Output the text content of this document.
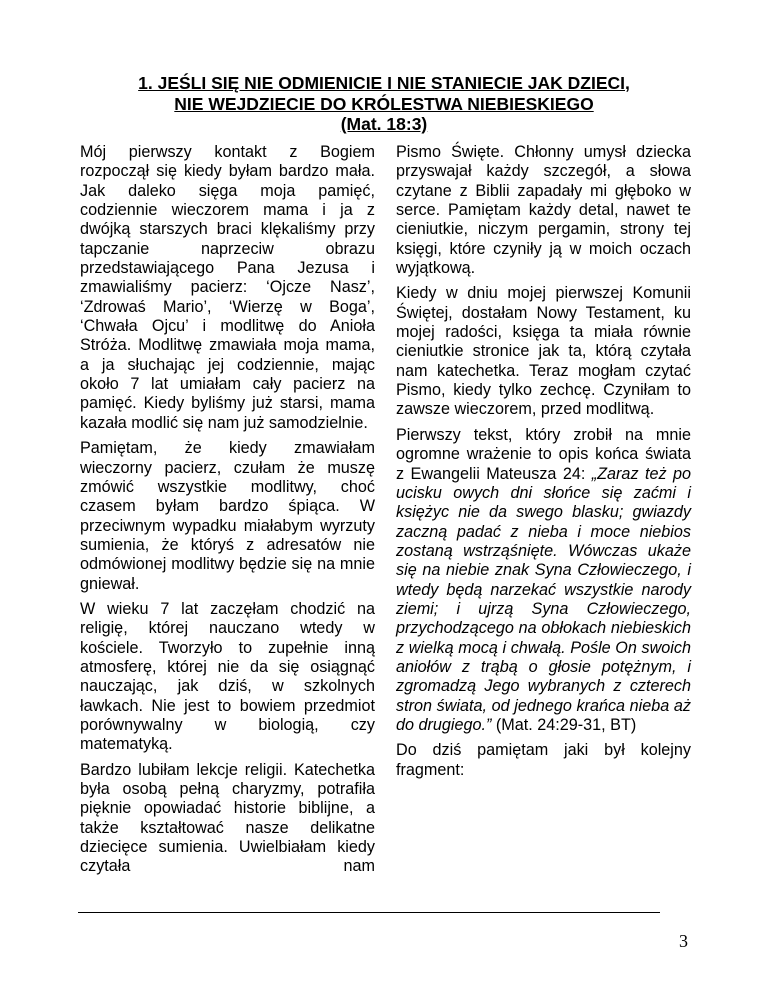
1. JEŚLI SIĘ NIE ODMIENICIE I NIE STANIECIE JAK DZIECI,
NIE WEJDZIECIE DO KRÓLESTWA NIEBIESKIEGO
(Mat. 18:3)

Mój pierwszy kontakt z Bogiem rozpoczął się kiedy byłam bardzo mała. Jak daleko sięga moja pamięć, codziennie wieczorem mama i ja z dwójką starszych braci klękaliśmy przy tapczanie naprzeciw obrazu przedstawiającego Pana Jezusa i zmawialiśmy pacierz: ‘Ojcze Nasz’, ‘Zdrowaś Mario’, ‘Wierzę w Boga’, ‘Chwała Ojcu’ i modlitwę do Anioła Stróża. Modlitwę zmawiała moja mama, a ja słuchając jej codziennie, mając około 7 lat umiałam cały pacierz na pamięć. Kiedy byliśmy już starsi, mama kazała modlić się nam już samodzielnie.

Pamiętam, że kiedy zmawiałam wieczorny pacierz, czułam że muszę zmówić wszystkie modlitwy, choć czasem byłam bardzo śpiąca. W przeciwnym wypadku miałabym wyrzuty sumienia, że któryś z adresatów nie odmówionej modlitwy będzie się na mnie gniewał.

W wieku 7 lat zaczęłam chodzić na religię, której nauczano wtedy w kościele. Tworzyło to zupełnie inną atmosferę, której nie da się osiągnąć nauczając, jak dziś, w szkolnych ławkach. Nie jest to bowiem przedmiot porównywalny w biologią, czy matematyką.

Bardzo lubiłam lekcje religii. Katechetka była osobą pełną charyzmy, potrafiła pięknie opowiadać historie biblijne, a także kształtować nasze delikatne dziecięce sumienia. Uwielbiałam kiedy czytała nam

Pismo Święte. Chłonny umysł dziecka przyswajał każdy szczegół, a słowa czytane z Biblii zapadały mi głęboko w serce. Pamiętam każdy detal, nawet te cieniutkie, niczym pergamin, strony tej księgi, które czyniły ją w moich oczach wyjątkową.

Kiedy w dniu mojej pierwszej Komunii Świętej, dostałam Nowy Testament, ku mojej radości, księga ta miała równie cieniutkie stronice jak ta, którą czytała nam katechetka. Teraz mogłam czytać Pismo, kiedy tylko zechcę. Czyniłam to zawsze wieczorem, przed modlitwą.

Pierwszy tekst, który zrobił na mnie ogromne wrażenie to opis końca świata z Ewangelii Mateusza 24: „Zaraz też po ucisku owych dni słońce się zaćmi i księżyc nie da swego blasku; gwiazdy zaczną padać z nieba i moce niebios zostaną wstrząśnięte. Wówczas ukaże się na niebie znak Syna Człowieczego, i wtedy będą narzekać wszystkie narody ziemi; i ujrzą Syna Człowieczego, przychodzącego na obłokach niebieskich z wielką mocą i chwałą. Pośle On swoich aniołów z trąbą o głosie potężnym, i zgromadzą Jego wybranych z czterech stron świata, od jednego krańca nieba aż do drugiego.” (Mat. 24:29-31, BT)

Do dziś pamiętam jaki był kolejny fragment:

3
